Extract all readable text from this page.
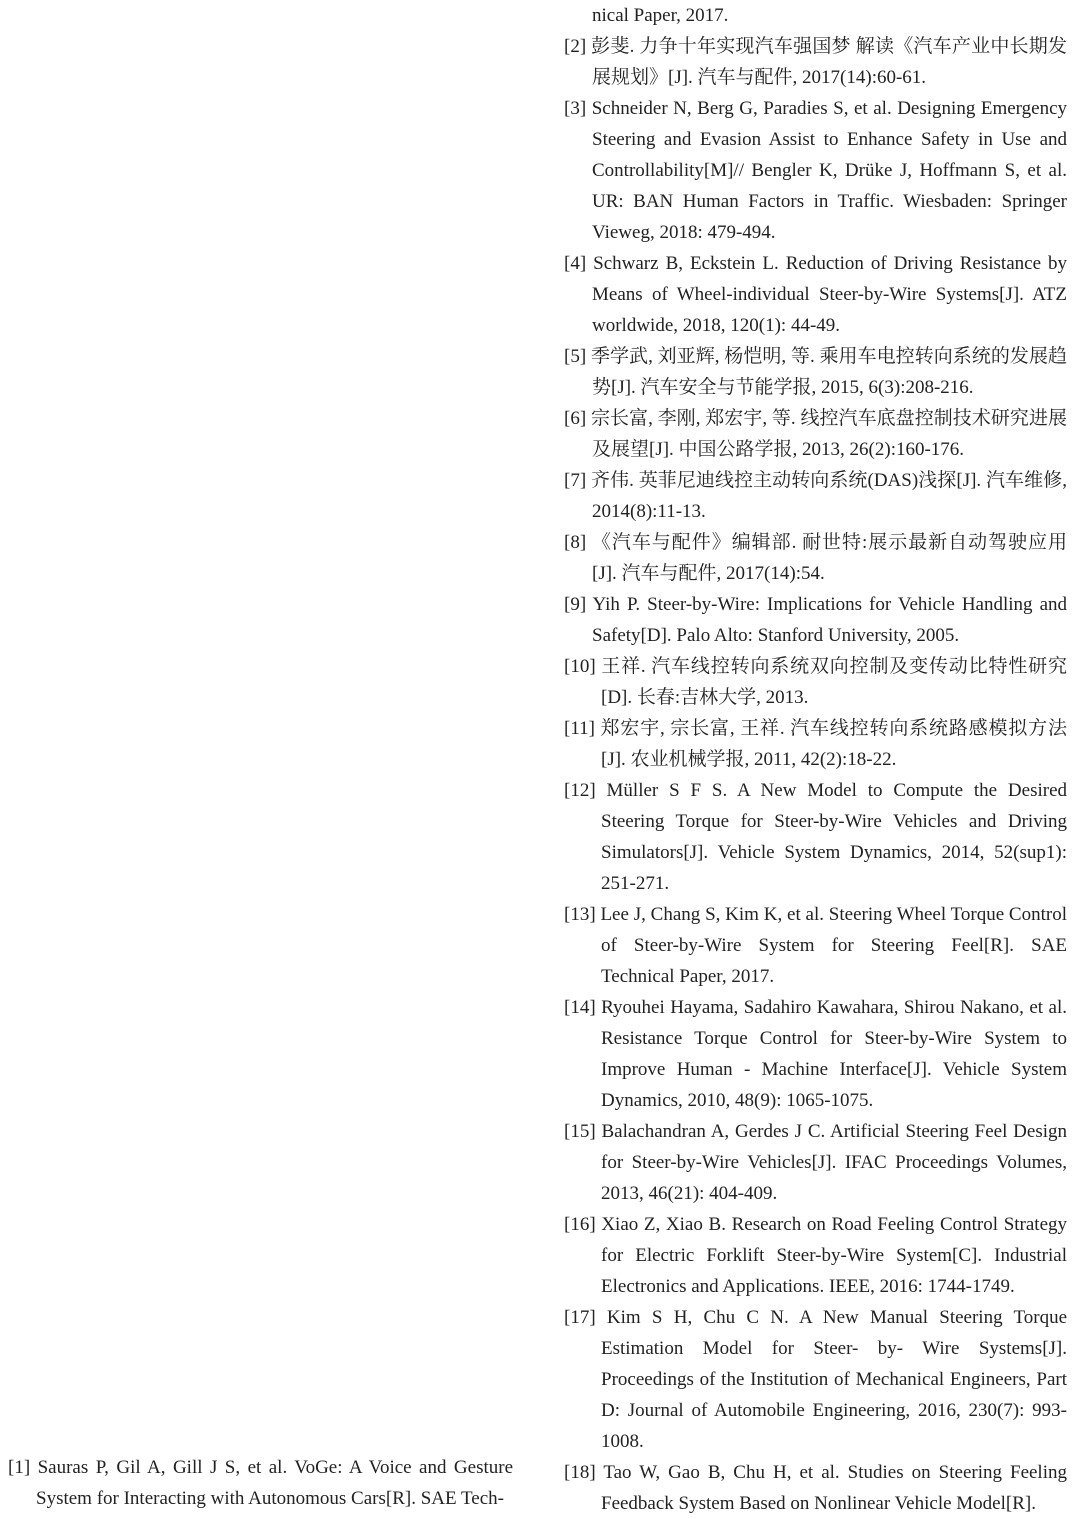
nical Paper, 2017.
[2] 彭斐. 力争十年实现汽车强国梦 解读《汽车产业中长期发展规划》[J]. 汽车与配件, 2017(14):60-61.
[3] Schneider N, Berg G, Paradies S, et al. Designing Emergency Steering and Evasion Assist to Enhance Safety in Use and Controllability[M]// Bengler K, Drüke J, Hoffmann S, et al. UR: BAN Human Factors in Traffic. Wiesbaden: Springer Vieweg, 2018: 479-494.
[4] Schwarz B, Eckstein L. Reduction of Driving Resistance by Means of Wheel-individual Steer-by-Wire Systems[J]. ATZ worldwide, 2018, 120(1): 44-49.
[5] 季学武, 刘亚辉, 杨恺明, 等. 乘用车电控转向系统的发展趋势[J]. 汽车安全与节能学报, 2015, 6(3):208-216.
[6] 宗长富, 李刚, 郑宏宇, 等. 线控汽车底盘控制技术研究进展及展望[J]. 中国公路学报, 2013, 26(2):160-176.
[7] 齐伟. 英菲尼迪线控主动转向系统(DAS)浅探[J]. 汽车维修, 2014(8):11-13.
[8] 《汽车与配件》编辑部. 耐世特:展示最新自动驾驶应用[J]. 汽车与配件, 2017(14):54.
[9] Yih P. Steer-by-Wire: Implications for Vehicle Handling and Safety[D]. Palo Alto: Stanford University, 2005.
[10] 王祥. 汽车线控转向系统双向控制及变传动比特性研究[D]. 长春:吉林大学, 2013.
[11] 郑宏宇, 宗长富, 王祥. 汽车线控转向系统路感模拟方法[J]. 农业机械学报, 2011, 42(2):18-22.
[12] Müller S F S. A New Model to Compute the Desired Steering Torque for Steer-by-Wire Vehicles and Driving Simulators[J]. Vehicle System Dynamics, 2014, 52(sup1): 251-271.
[13] Lee J, Chang S, Kim K, et al. Steering Wheel Torque Control of Steer-by-Wire System for Steering Feel[R]. SAE Technical Paper, 2017.
[14] Ryouhei Hayama, Sadahiro Kawahara, Shirou Nakano, et al. Resistance Torque Control for Steer-by-Wire System to Improve Human - Machine Interface[J]. Vehicle System Dynamics, 2010, 48(9): 1065-1075.
[15] Balachandran A, Gerdes J C. Artificial Steering Feel Design for Steer-by-Wire Vehicles[J]. IFAC Proceedings Volumes, 2013, 46(21): 404-409.
[16] Xiao Z, Xiao B. Research on Road Feeling Control Strategy for Electric Forklift Steer-by-Wire System[C]. Industrial Electronics and Applications. IEEE, 2016: 1744-1749.
[17] Kim S H, Chu C N. A New Manual Steering Torque Estimation Model for Steer- by- Wire Systems[J]. Proceedings of the Institution of Mechanical Engineers, Part D: Journal of Automobile Engineering, 2016, 230(7): 993-1008.
[18] Tao W, Gao B, Chu H, et al. Studies on Steering Feeling Feedback System Based on Nonlinear Vehicle Model[R].
[1] Sauras P, Gil A, Gill J S, et al. VoGe: A Voice and Gesture System for Interacting with Autonomous Cars[R]. SAE Tech-
